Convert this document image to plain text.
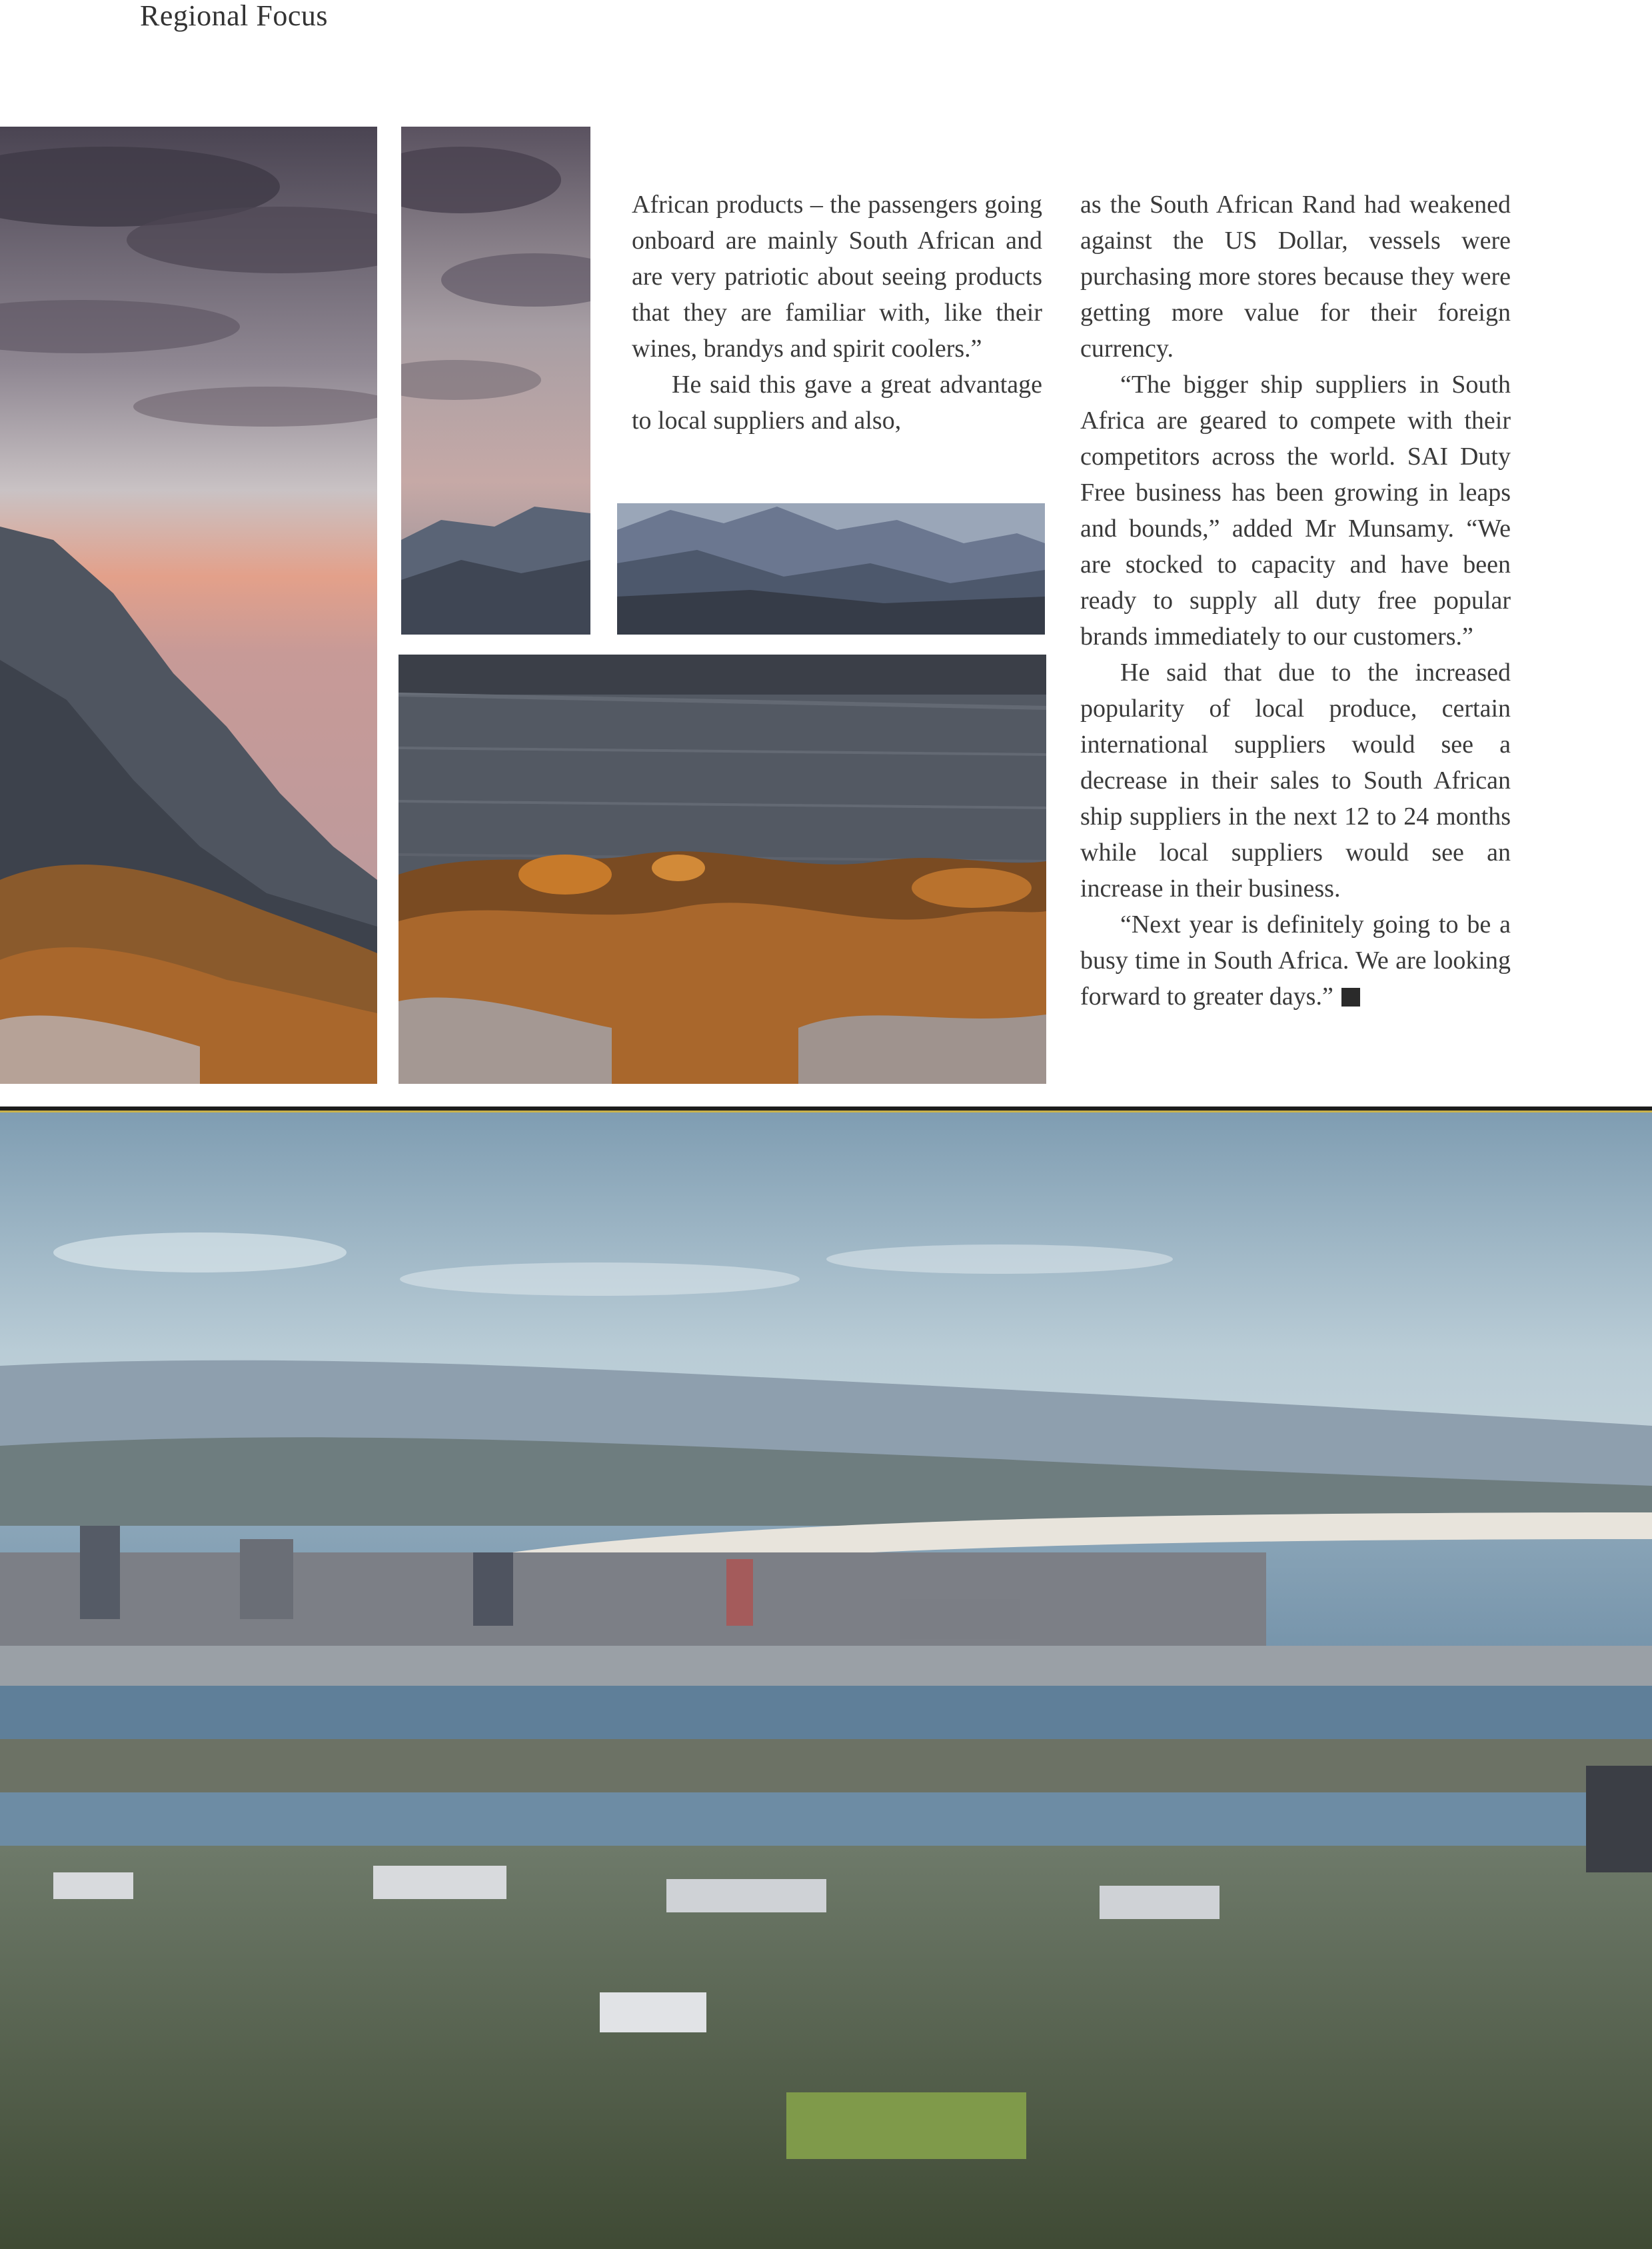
Regional Focus

African products – the passengers going onboard are mainly South African and are very patriotic about seeing products that they are familiar with, like their wines, brandys and spirit coolers.”

He said this gave a great advantage to local suppliers and also,

as the South African Rand had weakened against the US Dollar, vessels were purchasing more stores because they were getting more value for their foreign currency.

“The bigger ship suppliers in South Africa are geared to compete with their competitors across the world. SAI Duty Free business has been growing in leaps and bounds,” added Mr Munsamy. “We are stocked to capacity and have been ready to supply all duty free popular brands immediately to our customers.”

He said that due to the increased popularity of local produce, certain international suppliers would see a decrease in their sales to South African ship suppliers in the next 12 to 24 months while local suppliers would see an increase in their business.

“Next year is definitely going to be a busy time in South Africa. We are looking forward to greater days.”
